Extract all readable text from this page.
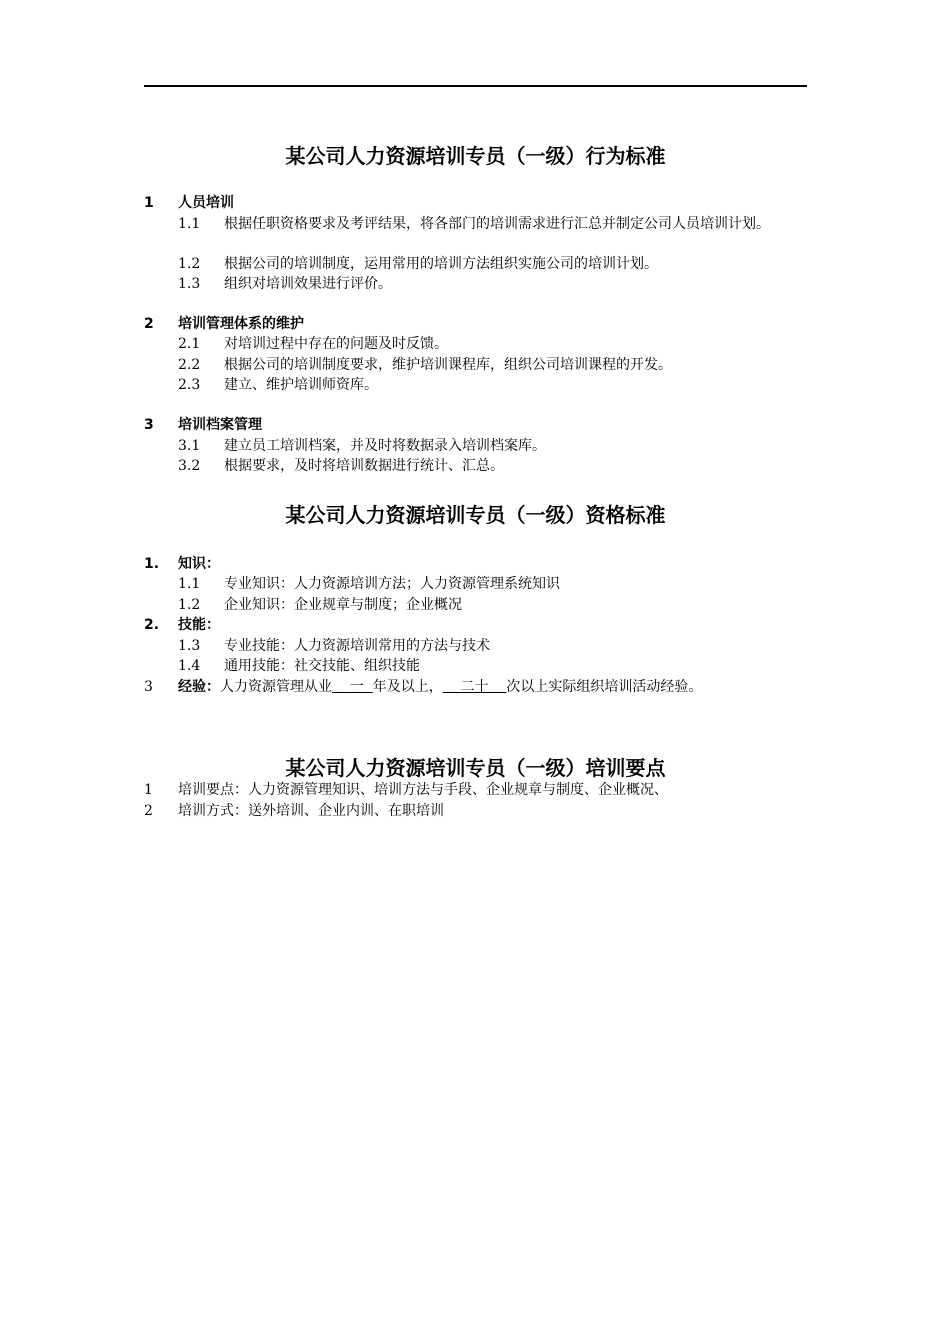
某公司人力资源培训专员（一级）行为标准
1	人员培训
1.1	根据任职资格要求及考评结果，将各部门的培训需求进行汇总并制定公司人员培训计划。
1.2	根据公司的培训制度，运用常用的培训方法组织实施公司的培训计划。
1.3	组织对培训效果进行评价。
2	培训管理体系的维护
2.1	对培训过程中存在的问题及时反馈。
2.2	根据公司的培训制度要求，维护培训课程库，组织公司培训课程的开发。
2.3	建立、维护培训师资库。
3	培训档案管理
3.1	建立员工培训档案，并及时将数据录入培训档案库。
3.2	根据要求，及时将培训数据进行统计、汇总。
某公司人力资源培训专员（一级）资格标准
1.	知识：
1.1	专业知识：人力资源培训方法；人力资源管理系统知识
1.2	企业知识：企业规章与制度；企业概况
2.	技能：
1.3	专业技能：人力资源培训常用的方法与技术
1.4	通用技能：社交技能、组织技能
3	经验：人力资源管理从业 一 年及以上， 二十 次以上实际组织培训活动经验。
某公司人力资源培训专员（一级）培训要点
1	培训要点：人力资源管理知识、培训方法与手段、企业规章与制度、企业概况、
2	培训方式：送外培训、企业内训、在职培训
